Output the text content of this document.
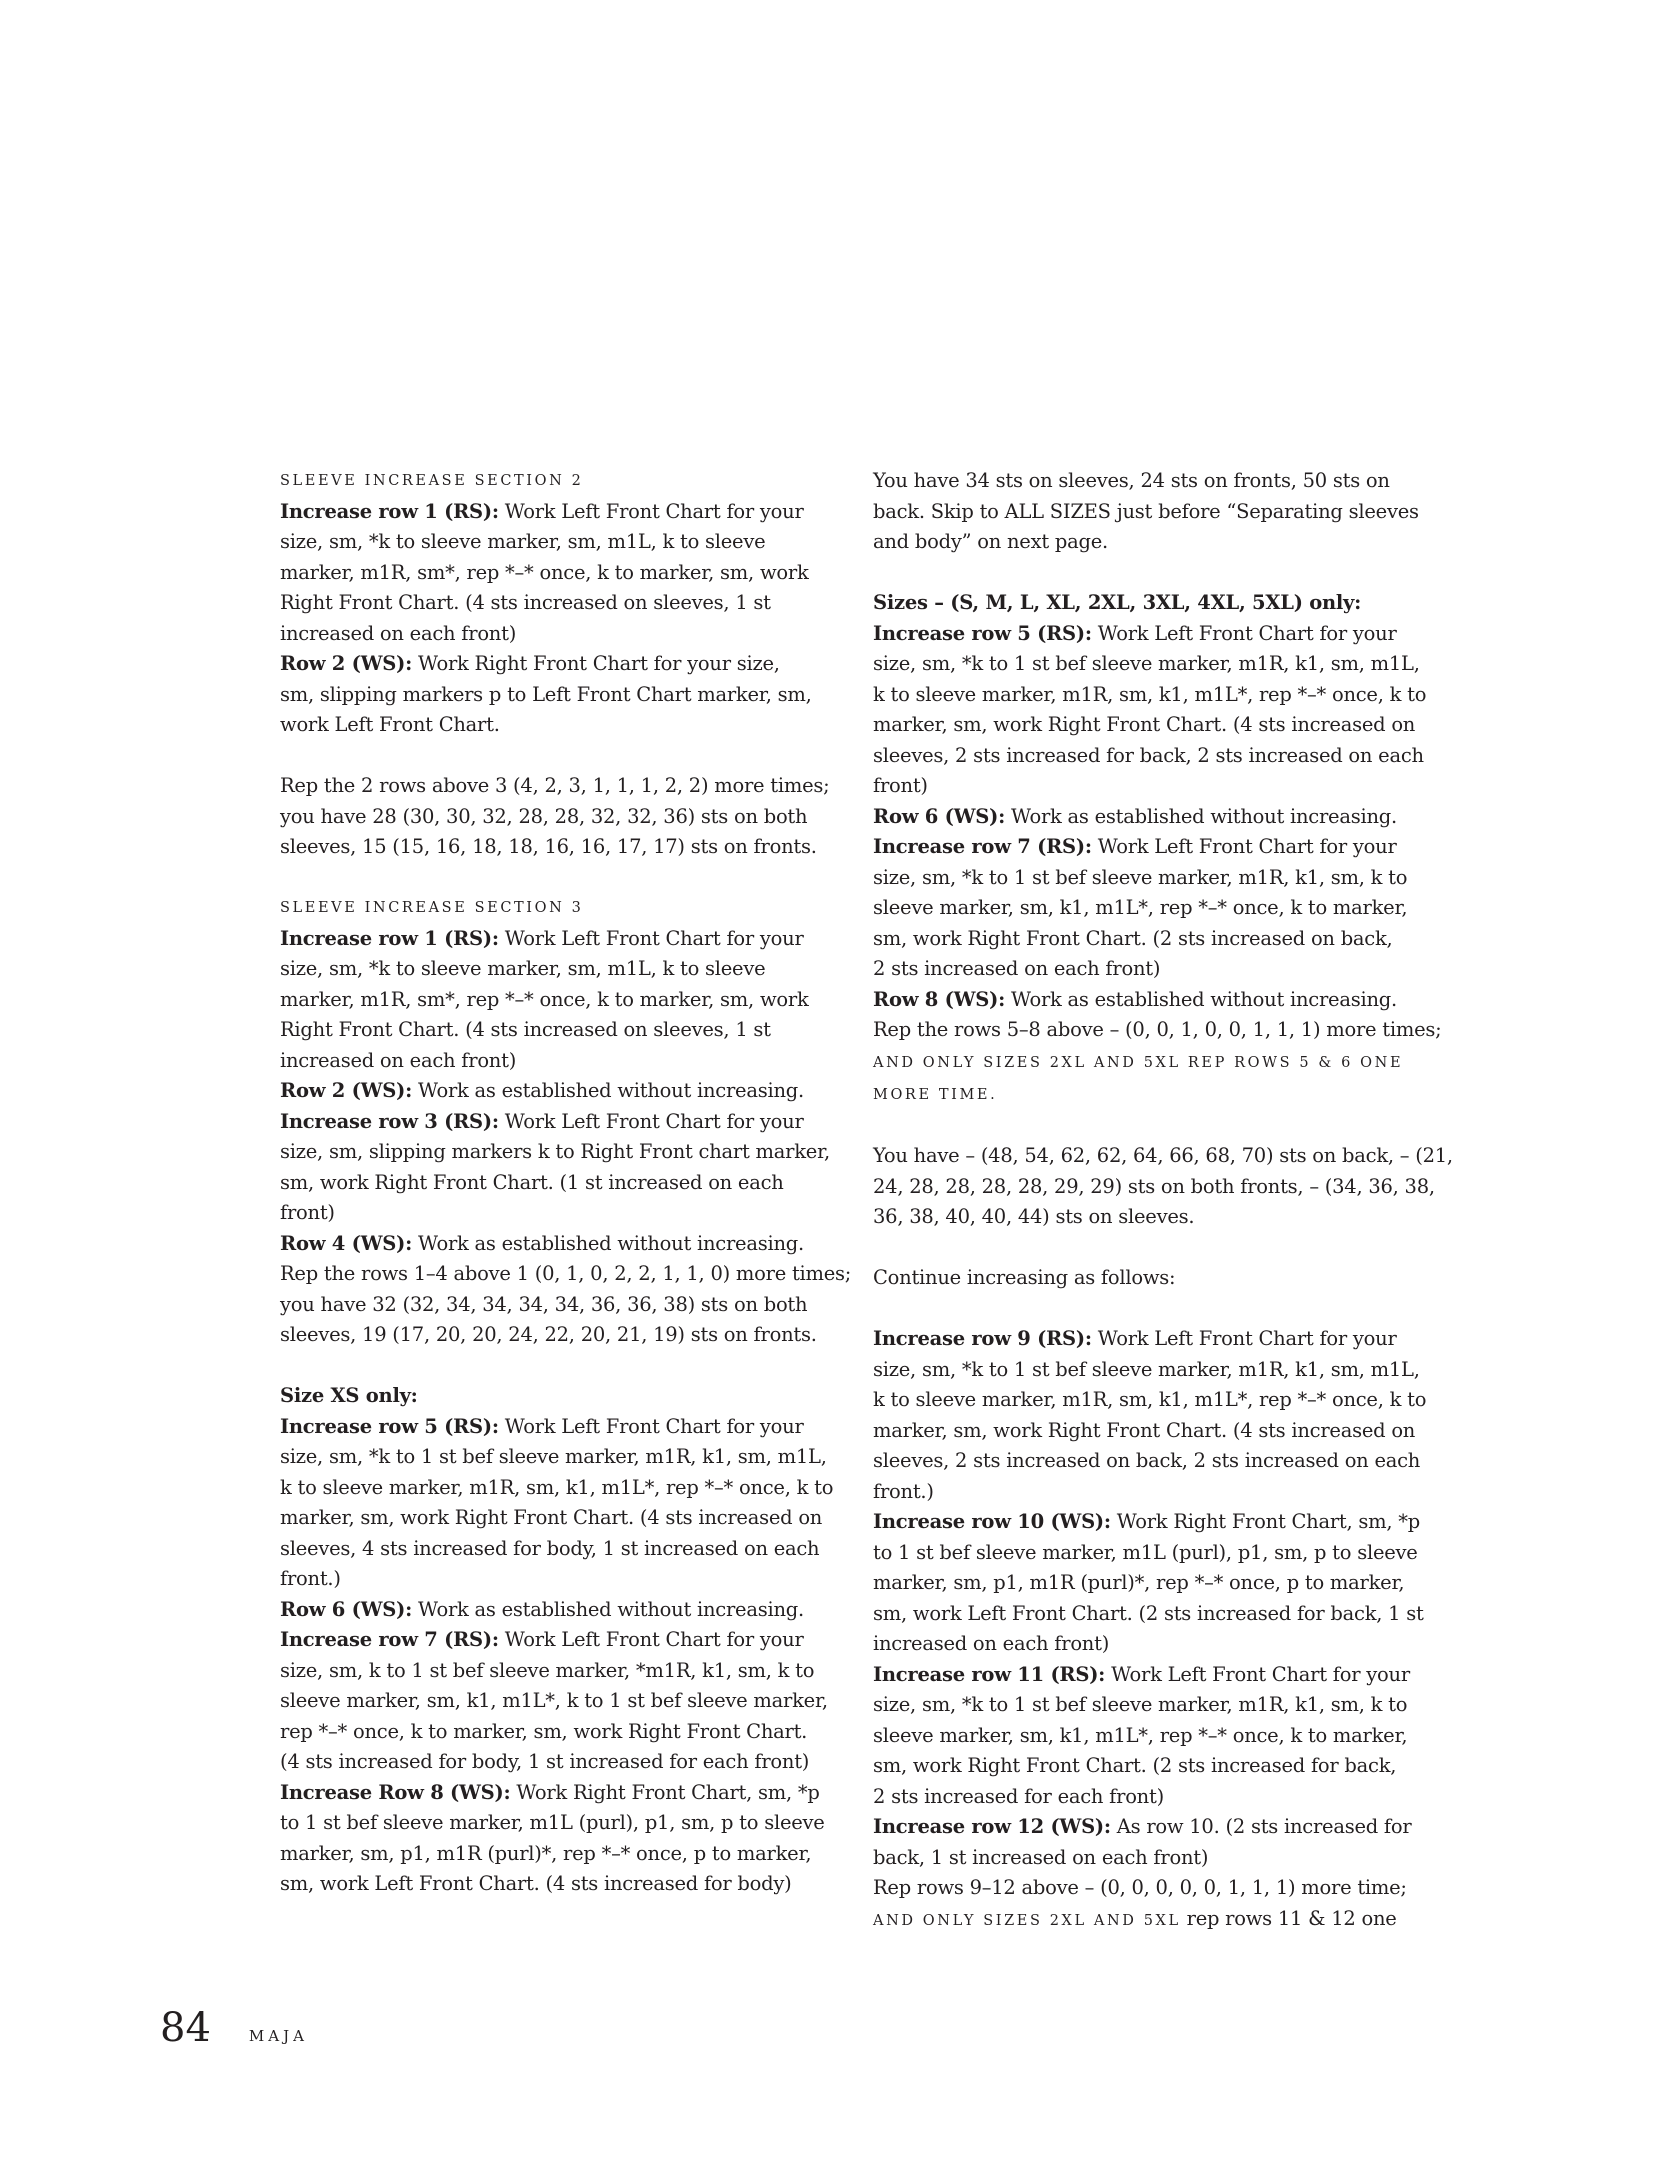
SLEEVE INCREASE SECTION 2
Increase row 1 (RS): Work Left Front Chart for your
size, sm, *k to sleeve marker, sm, m1L, k to sleeve
marker, m1R, sm*, rep *–* once, k to marker, sm, work
Right Front Chart. (4 sts increased on sleeves, 1 st
increased on each front)
Row 2 (WS): Work Right Front Chart for your size,
sm, slipping markers p to Left Front Chart marker, sm,
work Left Front Chart.
Rep the 2 rows above 3 (4, 2, 3, 1, 1, 1, 2, 2) more times;
you have 28 (30, 30, 32, 28, 28, 32, 32, 36) sts on both
sleeves, 15 (15, 16, 18, 18, 16, 16, 17, 17) sts on fronts.
SLEEVE INCREASE SECTION 3
Increase row 1 (RS): Work Left Front Chart for your
size, sm, *k to sleeve marker, sm, m1L, k to sleeve
marker, m1R, sm*, rep *–* once, k to marker, sm, work
Right Front Chart. (4 sts increased on sleeves, 1 st
increased on each front)
Row 2 (WS): Work as established without increasing.
Increase row 3 (RS): Work Left Front Chart for your
size, sm, slipping markers k to Right Front chart marker,
sm, work Right Front Chart. (1 st increased on each
front)
Row 4 (WS): Work as established without increasing.
Rep the rows 1–4 above 1 (0, 1, 0, 2, 2, 1, 1, 0) more times;
you have 32 (32, 34, 34, 34, 34, 36, 36, 38) sts on both
sleeves, 19 (17, 20, 20, 24, 22, 20, 21, 19) sts on fronts.
Size XS only:
Increase row 5 (RS): Work Left Front Chart for your
size, sm, *k to 1 st bef sleeve marker, m1R, k1, sm, m1L,
k to sleeve marker, m1R, sm, k1, m1L*, rep *–* once, k to
marker, sm, work Right Front Chart. (4 sts increased on
sleeves, 4 sts increased for body, 1 st increased on each
front.)
Row 6 (WS): Work as established without increasing.
Increase row 7 (RS): Work Left Front Chart for your
size, sm, k to 1 st bef sleeve marker, *m1R, k1, sm, k to
sleeve marker, sm, k1, m1L*, k to 1 st bef sleeve marker,
rep *–* once, k to marker, sm, work Right Front Chart.
(4 sts increased for body, 1 st increased for each front)
Increase Row 8 (WS): Work Right Front Chart, sm, *p
to 1 st bef sleeve marker, m1L (purl), p1, sm, p to sleeve
marker, sm, p1, m1R (purl)*, rep *–* once, p to marker,
sm, work Left Front Chart. (4 sts increased for body)
You have 34 sts on sleeves, 24 sts on fronts, 50 sts on
back. Skip to ALL SIZES just before “Separating sleeves
and body” on next page.
Sizes – (S, M, L, XL, 2XL, 3XL, 4XL, 5XL) only:
Increase row 5 (RS): Work Left Front Chart for your
size, sm, *k to 1 st bef sleeve marker, m1R, k1, sm, m1L,
k to sleeve marker, m1R, sm, k1, m1L*, rep *–* once, k to
marker, sm, work Right Front Chart. (4 sts increased on
sleeves, 2 sts increased for back, 2 sts increased on each
front)
Row 6 (WS): Work as established without increasing.
Increase row 7 (RS): Work Left Front Chart for your
size, sm, *k to 1 st bef sleeve marker, m1R, k1, sm, k to
sleeve marker, sm, k1, m1L*, rep *–* once, k to marker,
sm, work Right Front Chart. (2 sts increased on back,
2 sts increased on each front)
Row 8 (WS): Work as established without increasing.
Rep the rows 5–8 above – (0, 0, 1, 0, 0, 1, 1, 1) more times;
AND ONLY SIZES 2XL AND 5XL REP ROWS 5 & 6 ONE
MORE TIME.
You have – (48, 54, 62, 62, 64, 66, 68, 70) sts on back, – (21,
24, 28, 28, 28, 28, 29, 29) sts on both fronts, – (34, 36, 38,
36, 38, 40, 40, 44) sts on sleeves.
Continue increasing as follows:
Increase row 9 (RS): Work Left Front Chart for your
size, sm, *k to 1 st bef sleeve marker, m1R, k1, sm, m1L,
k to sleeve marker, m1R, sm, k1, m1L*, rep *–* once, k to
marker, sm, work Right Front Chart. (4 sts increased on
sleeves, 2 sts increased on back, 2 sts increased on each
front.)
Increase row 10 (WS): Work Right Front Chart, sm, *p
to 1 st bef sleeve marker, m1L (purl), p1, sm, p to sleeve
marker, sm, p1, m1R (purl)*, rep *–* once, p to marker,
sm, work Left Front Chart. (2 sts increased for back, 1 st
increased on each front)
Increase row 11 (RS): Work Left Front Chart for your
size, sm, *k to 1 st bef sleeve marker, m1R, k1, sm, k to
sleeve marker, sm, k1, m1L*, rep *–* once, k to marker,
sm, work Right Front Chart. (2 sts increased for back,
2 sts increased for each front)
Increase row 12 (WS): As row 10. (2 sts increased for
back, 1 st increased on each front)
Rep rows 9–12 above – (0, 0, 0, 0, 0, 1, 1, 1) more time;
AND ONLY SIZES 2XL AND 5XL rep rows 11 & 12 one
84	MAJA
